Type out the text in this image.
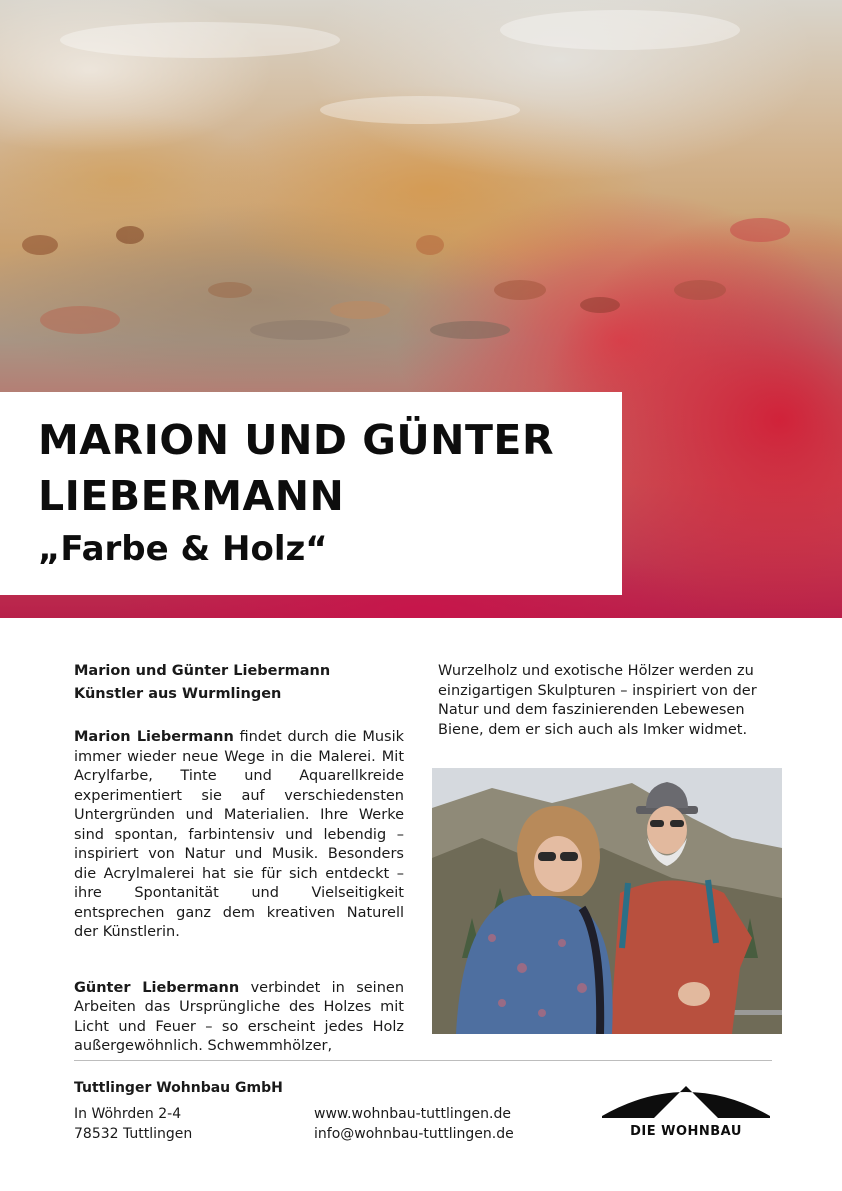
MARION UND GÜNTER LIEBERMANN

„Farbe & Holz“

Marion und Günter Liebermann
Künstler aus Wurmlingen

Marion Liebermann findet durch die Musik immer wieder neue Wege in die Malerei. Mit Acrylfarbe, Tinte und Aquarellkreide experimentiert sie auf verschiedensten Untergründen und Materialien. Ihre Werke sind spontan, farbintensiv und lebendig – inspiriert von Natur und Musik. Besonders die Acrylmalerei hat sie für sich entdeckt – ihre Spontanität und Vielseitigkeit entsprechen ganz dem kreativen Naturell der Künstlerin.

Günter Liebermann verbindet in seinen Arbeiten das Ursprüngliche des Holzes mit Licht und Feuer – so erscheint jedes Holz außergewöhnlich. Schwemmhölzer,

Wurzelholz und exotische Hölzer werden zu einzigartigen Skulpturen – inspiriert von der Natur und dem faszinierenden Lebewesen Biene, dem er sich auch als Imker widmet.

Tuttlinger Wohnbau GmbH

In Wöhrden 2-4
78532 Tuttlingen
www.wohnbau-tuttlingen.de
info@wohnbau-tuttlingen.de	DIE WOHNBAU
